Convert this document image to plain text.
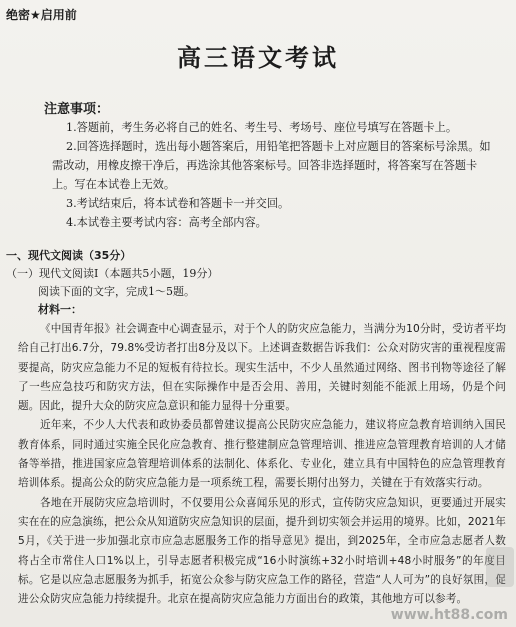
绝密★启用前
高三语文考试
注意事项：

1.答题前，考生务必将自己的姓名、考生号、考场号、座位号填写在答题卡上。

2.回答选择题时，选出每小题答案后，用铅笔把答题卡上对应题目的答案标号涂黑。如需改动，用橡皮擦干净后，再选涂其他答案标号。回答非选择题时，将答案写在答题卡上。写在本试卷上无效。

3.考试结束后，将本试卷和答题卡一并交回。

4.本试卷主要考试内容：高考全部内容。

一、现代文阅读（35分）
（一）现代文阅读Ⅰ（本题共5小题，19分）
阅读下面的文字，完成1～5题。
材料一：

《中国青年报》社会调查中心调查显示，对于个人的防灾应急能力，当满分为10分时，受访者平均给自己打出6.7分，79.8%受访者打出8分及以下。上述调查数据告诉我们：公众对防灾害的重视程度需要提高，防灾应急能力不足的短板有待拉长。现实生活中，不少人虽然通过网络、图书刊物等途径了解了一些应急技巧和防灾方法，但在实际操作中是否会用、善用，关键时刻能不能派上用场，仍是个问题。因此，提升大众的防灾应急意识和能力显得十分重要。

近年来，不少人大代表和政协委员都曾建议提高公民防灾应急能力，建议将应急教育培训纳入国民教育体系，同时通过实施全民化应急教育、推行整建制应急管理培训、推进应急管理教育培训的人才储备等举措，推进国家应急管理培训体系的法制化、体系化、专业化，建立具有中国特色的应急管理教育培训体系。提高公众的防灾应急能力是一项系统工程，需要长期付出努力，关键在于有效落实行动。

各地在开展防灾应急培训时，不仅要用公众喜闻乐见的形式，宣传防灾应急知识，更要通过开展实实在在的应急演练，把公众从知道防灾应急知识的层面，提升到切实领会并运用的境界。比如，2021年5月，《关于进一步加强北京市应急志愿服务工作的指导意见》提出，到2025年，全市应急志愿者人数将占全市常住人口1%以上，引导志愿者积极完成“16小时演练+32小时培训+48小时服务”的年度目标。它是以应急志愿服务为抓手，拓宽公众参与防灾应急工作的路径，营造“人人可为”的良好氛围，促进公众防灾应急能力持续提升。北京在提高防灾应急能力方面出台的政策，其他地方可以参考。

www.ht88.com
